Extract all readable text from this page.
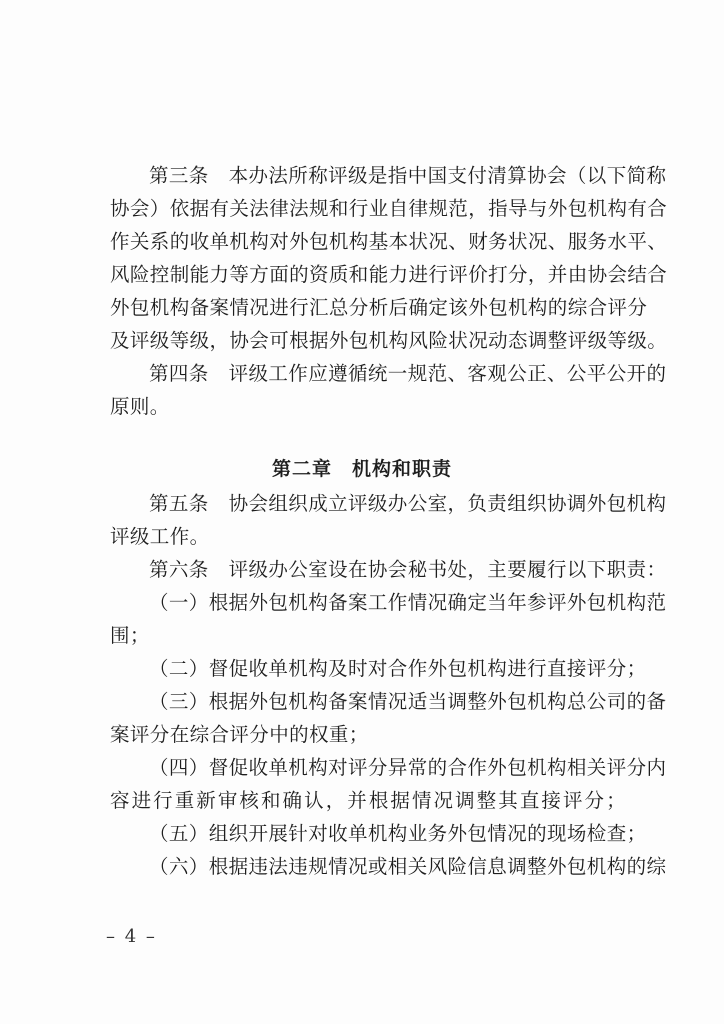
第三条　本办法所称评级是指中国支付清算协会（以下简称
协会）依据有关法律法规和行业自律规范，指导与外包机构有合
作关系的收单机构对外包机构基本状况、财务状况、服务水平、
风险控制能力等方面的资质和能力进行评价打分，并由协会结合
外包机构备案情况进行汇总分析后确定该外包机构的综合评分
及评级等级，协会可根据外包机构风险状况动态调整评级等级。
第四条　评级工作应遵循统一规范、客观公正、公平公开的
原则。
第二章　机构和职责
第五条　协会组织成立评级办公室，负责组织协调外包机构
评级工作。
第六条　评级办公室设在协会秘书处，主要履行以下职责：
（一）根据外包机构备案工作情况确定当年参评外包机构范
围；
（二）督促收单机构及时对合作外包机构进行直接评分；
（三）根据外包机构备案情况适当调整外包机构总公司的备
案评分在综合评分中的权重；
（四）督促收单机构对评分异常的合作外包机构相关评分内
容进行重新审核和确认，并根据情况调整其直接评分；
（五）组织开展针对收单机构业务外包情况的现场检查；
（六）根据违法违规情况或相关风险信息调整外包机构的综
– 4 –
